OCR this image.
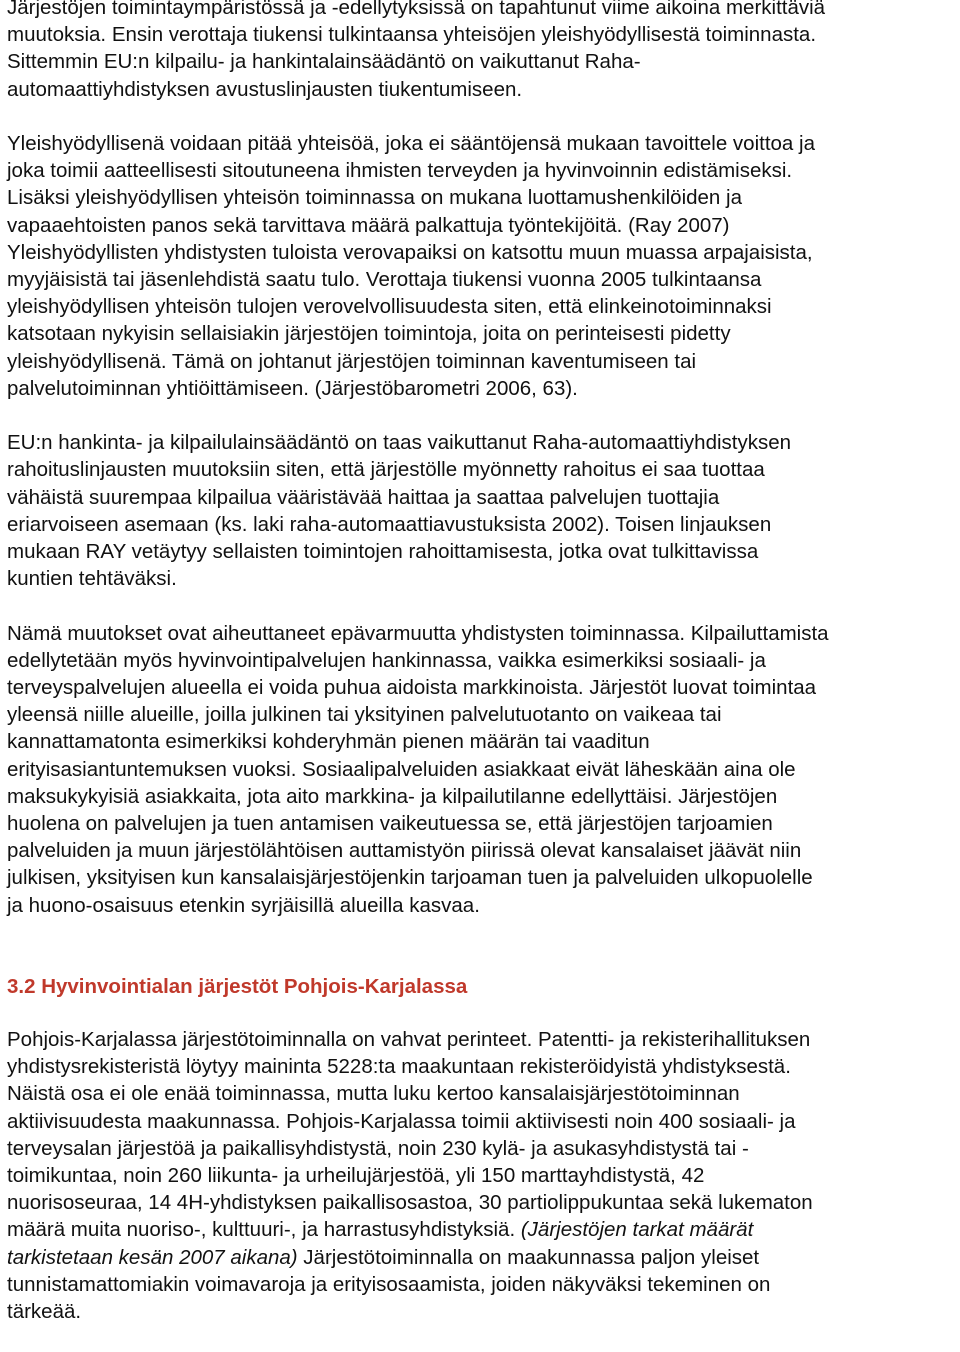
Järjestöjen toimintaympäristössä ja -edellytyksissä on tapahtunut viime aikoina merkittäviä
muutoksia. Ensin verottaja tiukensi tulkintaansa yhteisöjen yleishyödyllisestä toiminnasta.
Sittemmin EU:n kilpailu- ja hankintalainsäädäntö on vaikuttanut Raha-
automaattiyhdistyksen avustuslinjausten tiukentumiseen.

Yleishyödyllisenä voidaan pitää yhteisöä, joka ei sääntöjensä mukaan tavoittele voittoa ja
joka toimii aatteellisesti sitoutuneena ihmisten terveyden ja hyvinvoinnin edistämiseksi.
Lisäksi yleishyödyllisen yhteisön toiminnassa on mukana luottamushenkilöiden ja
vapaaehtoisten panos sekä tarvittava määrä palkattuja työntekijöitä. (Ray 2007)
Yleishyödyllisten yhdistysten tuloista verovapaiksi on katsottu muun muassa arpajaisista,
myyjäisistä tai jäsenlehdistä saatu tulo. Verottaja tiukensi vuonna 2005 tulkintaansa
yleishyödyllisen yhteisön tulojen verovelvollisuudesta siten, että elinkeinotoiminnaksi
katsotaan nykyisin sellaisiakin järjestöjen toimintoja, joita on perinteisesti pidetty
yleishyödyllisenä. Tämä on johtanut järjestöjen toiminnan kaventumiseen tai
palvelutoiminnan yhtiöittämiseen. (Järjestöbarometri 2006, 63).

EU:n hankinta- ja kilpailulainsäädäntö on taas vaikuttanut Raha-automaattiyhdistyksen
rahoituslinjausten muutoksiin siten, että järjestölle myönnetty rahoitus ei saa tuottaa
vähäistä suurempaa kilpailua vääristävää haittaa ja saattaa palvelujen tuottajia
eriarvoiseen asemaan (ks. laki raha-automaattiavustuksista 2002). Toisen linjauksen
mukaan RAY vetäytyy sellaisten toimintojen rahoittamisesta, jotka ovat tulkittavissa
kuntien tehtäväksi.

Nämä muutokset ovat aiheuttaneet epävarmuutta yhdistysten toiminnassa. Kilpailuttamista
edellytetään myös hyvinvointipalvelujen hankinnassa, vaikka esimerkiksi sosiaali- ja
terveyspalvelujen alueella ei voida puhua aidoista markkinoista. Järjestöt luovat toimintaa
yleensä niille alueille, joilla julkinen tai yksityinen palvelutuotanto on vaikeaa tai
kannattamatonta esimerkiksi kohderyhmän pienen määrän tai vaaditun
erityisasiantuntemuksen vuoksi. Sosiaalipalveluiden asiakkaat eivät läheskään aina ole
maksukykyisiä asiakkaita, jota aito markkina- ja kilpailutilanne edellyttäisi. Järjestöjen
huolena on palvelujen ja tuen antamisen vaikeutuessa se, että järjestöjen tarjoamien
palveluiden ja muun järjestölähtöisen auttamistyön piirissä olevat kansalaiset jäävät niin
julkisen, yksityisen kun kansalaisjärjestöjenkin tarjoaman tuen ja palveluiden ulkopuolelle
ja huono-osaisuus etenkin syrjäisillä alueilla kasvaa.

3.2 Hyvinvointialan järjestöt Pohjois-Karjalassa

Pohjois-Karjalassa järjestötoiminnalla on vahvat perinteet. Patentti- ja rekisterihallituksen
yhdistysrekisteristä löytyy maininta 5228:ta maakuntaan rekisteröidyistä yhdistyksestä.
Näistä osa ei ole enää toiminnassa, mutta luku kertoo kansalaisjärjestötoiminnan
aktiivisuudesta maakunnassa. Pohjois-Karjalassa toimii aktiivisesti noin 400 sosiaali- ja
terveysalan järjestöä ja paikallisyhdistystä, noin 230 kylä- ja asukasyhdistystä tai -
toimikuntaa, noin 260 liikunta- ja urheilujärjestöä, yli 150 marttayhdistystä, 42
nuorisoseuraa, 14 4H-yhdistyksen paikallisosastoa, 30 partiolippukuntaa sekä lukematon
määrä muita nuoriso-, kulttuuri-, ja harrastusyhdistyksiä. (Järjestöjen tarkat määrät
tarkistetaan kesän 2007 aikana) Järjestötoiminnalla on maakunnassa paljon yleiset
tunnistamattomiakin voimavaroja ja erityisosaamista, joiden näkyväksi tekeminen on
tärkeää.
